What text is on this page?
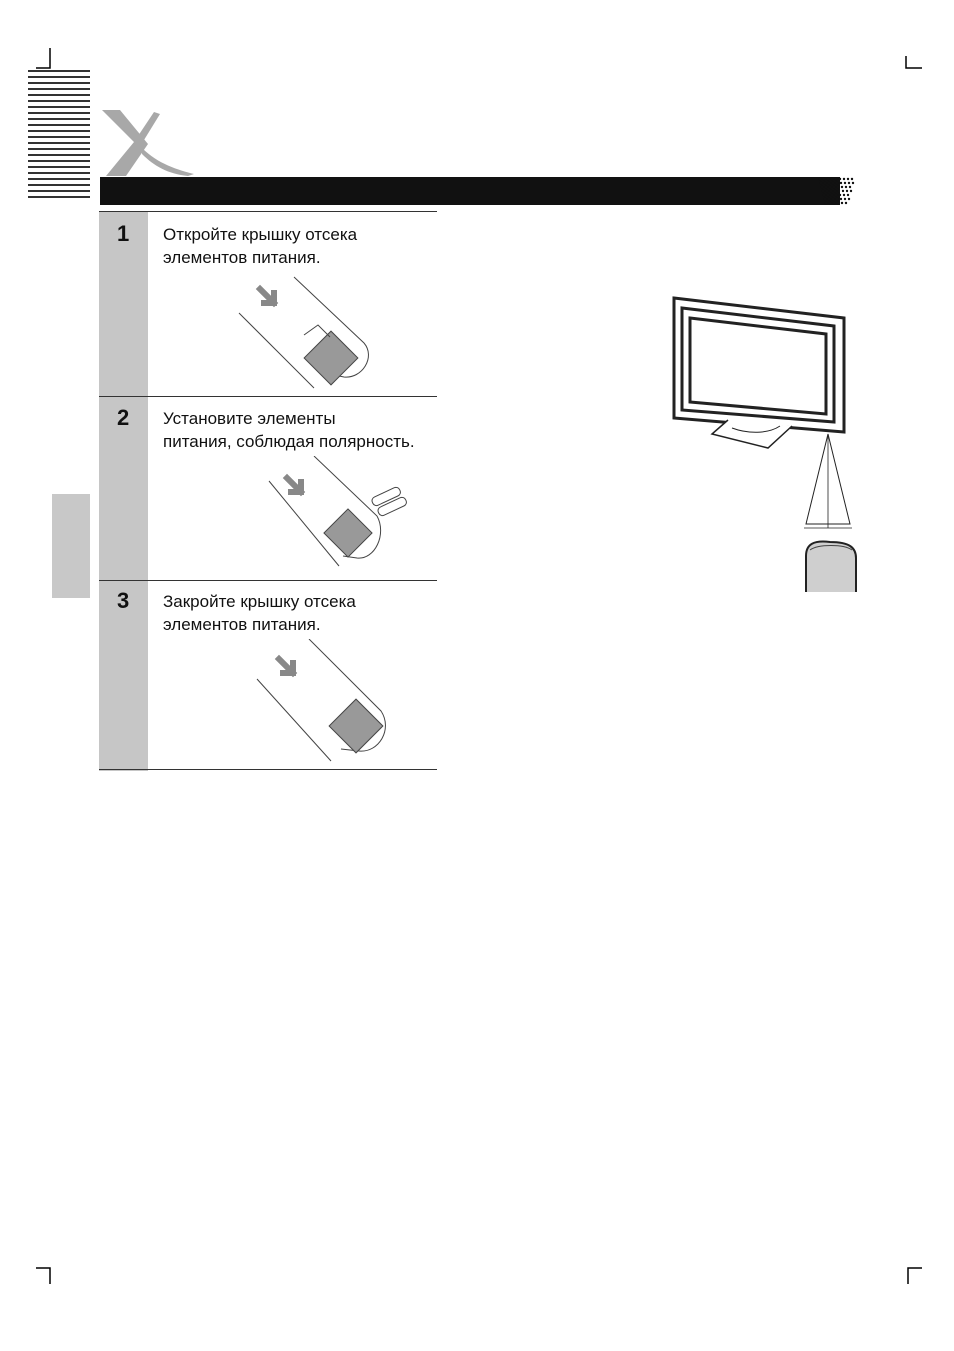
1 Откройте крышку отсека
элементов питания.
2 Установите элементы
питания, соблюдая полярность.
3 Закройте крышку отсека
элементов питания.
